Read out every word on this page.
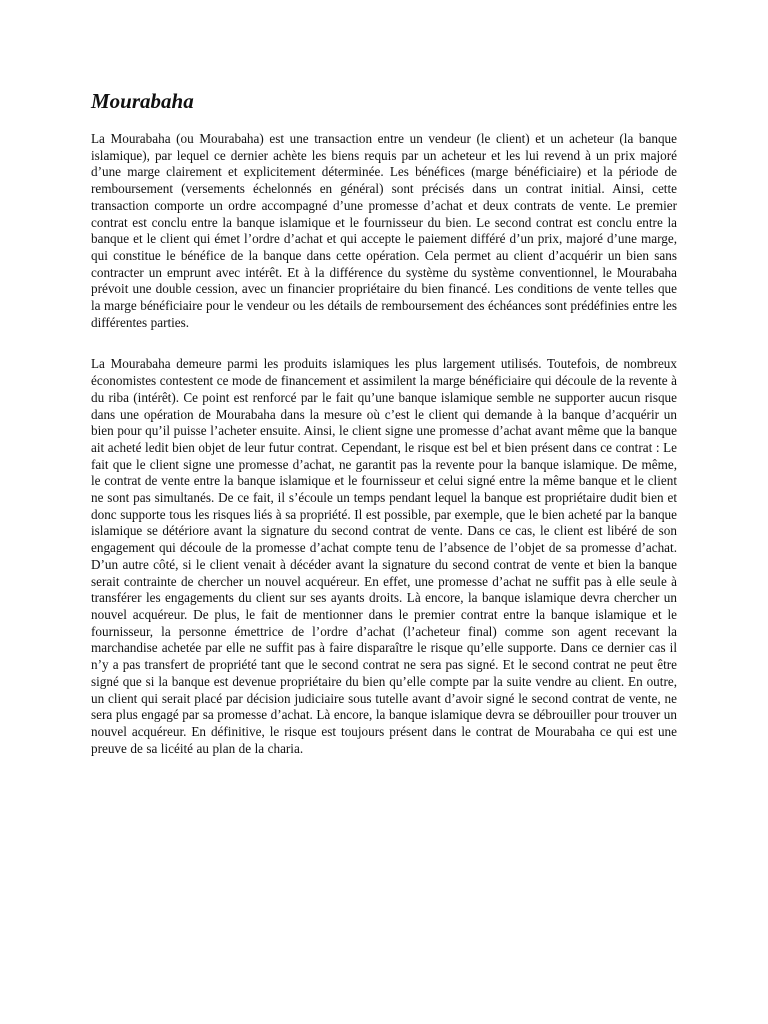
Mourabaha

La Mourabaha (ou Mourabaha) est une transaction entre un vendeur (le client) et un acheteur (la banque islamique), par lequel ce dernier achète les biens requis par un acheteur et les lui revend à un prix majoré d’une marge clairement et explicitement déterminée. Les bénéfices (marge bénéficiaire) et la période de remboursement (versements échelonnés en général) sont précisés dans un contrat initial. Ainsi, cette transaction comporte un ordre accompagné d’une promesse d’achat et deux contrats de vente. Le premier contrat est conclu entre la banque islamique et le fournisseur du bien. Le second contrat est conclu entre la banque et le client qui émet l’ordre d’achat et qui accepte le paiement différé d’un prix, majoré d’une marge, qui constitue le bénéfice de la banque dans cette opération. Cela permet au client d’acquérir un bien sans contracter un emprunt avec intérêt. Et à la différence du système du système conventionnel, le Mourabaha prévoit une double cession, avec un financier propriétaire du bien financé. Les conditions de vente telles que la marge bénéficiaire pour le vendeur ou les détails de remboursement des échéances sont prédéfinies entre les différentes parties.

La Mourabaha demeure parmi les produits islamiques les plus largement utilisés. Toutefois, de nombreux économistes contestent ce mode de financement et assimilent la marge bénéficiaire qui découle de la revente à du riba (intérêt). Ce point est renforcé par le fait qu’une banque islamique semble ne supporter aucun risque dans une opération de Mourabaha dans la mesure où c’est le client qui demande à la banque d’acquérir un bien pour qu’il puisse l’acheter ensuite. Ainsi, le client signe une promesse d’achat avant même que la banque ait acheté ledit bien objet de leur futur contrat. Cependant, le risque est bel et bien présent dans ce contrat : Le fait que le client signe une promesse d’achat, ne garantit pas la revente pour la banque islamique. De même, le contrat de vente entre la banque islamique et le fournisseur et celui signé entre la même banque et le client ne sont pas simultanés. De ce fait, il s’écoule un temps pendant lequel la banque est propriétaire dudit bien et donc supporte tous les risques liés à sa propriété. Il est possible, par exemple, que le bien acheté par la banque islamique se détériore avant la signature du second contrat de vente. Dans ce cas, le client est libéré de son engagement qui découle de la promesse d’achat compte tenu de l’absence de l’objet de sa promesse d’achat. D’un autre côté, si le client venait à décéder avant la signature du second contrat de vente et bien la banque serait contrainte de chercher un nouvel acquéreur. En effet, une promesse d’achat ne suffit pas à elle seule à transférer les engagements du client sur ses ayants droits. Là encore, la banque islamique devra chercher un nouvel acquéreur. De plus, le fait de mentionner dans le premier contrat entre la banque islamique et le fournisseur, la personne émettrice de l’ordre d’achat (l’acheteur final) comme son agent recevant la marchandise achetée par elle ne suffit pas à faire disparaître le risque qu’elle supporte. Dans ce dernier cas il n’y a pas transfert de propriété tant que le second contrat ne sera pas signé. Et le second contrat ne peut être signé que si la banque est devenue propriétaire du bien qu’elle compte par la suite vendre au client. En outre, un client qui serait placé par décision judiciaire sous tutelle avant d’avoir signé le second contrat de vente, ne sera plus engagé par sa promesse d’achat. Là encore, la banque islamique devra se débrouiller pour trouver un nouvel acquéreur. En définitive, le risque est toujours présent dans le contrat de Mourabaha ce qui est une preuve de sa licéité au plan de la charia.
